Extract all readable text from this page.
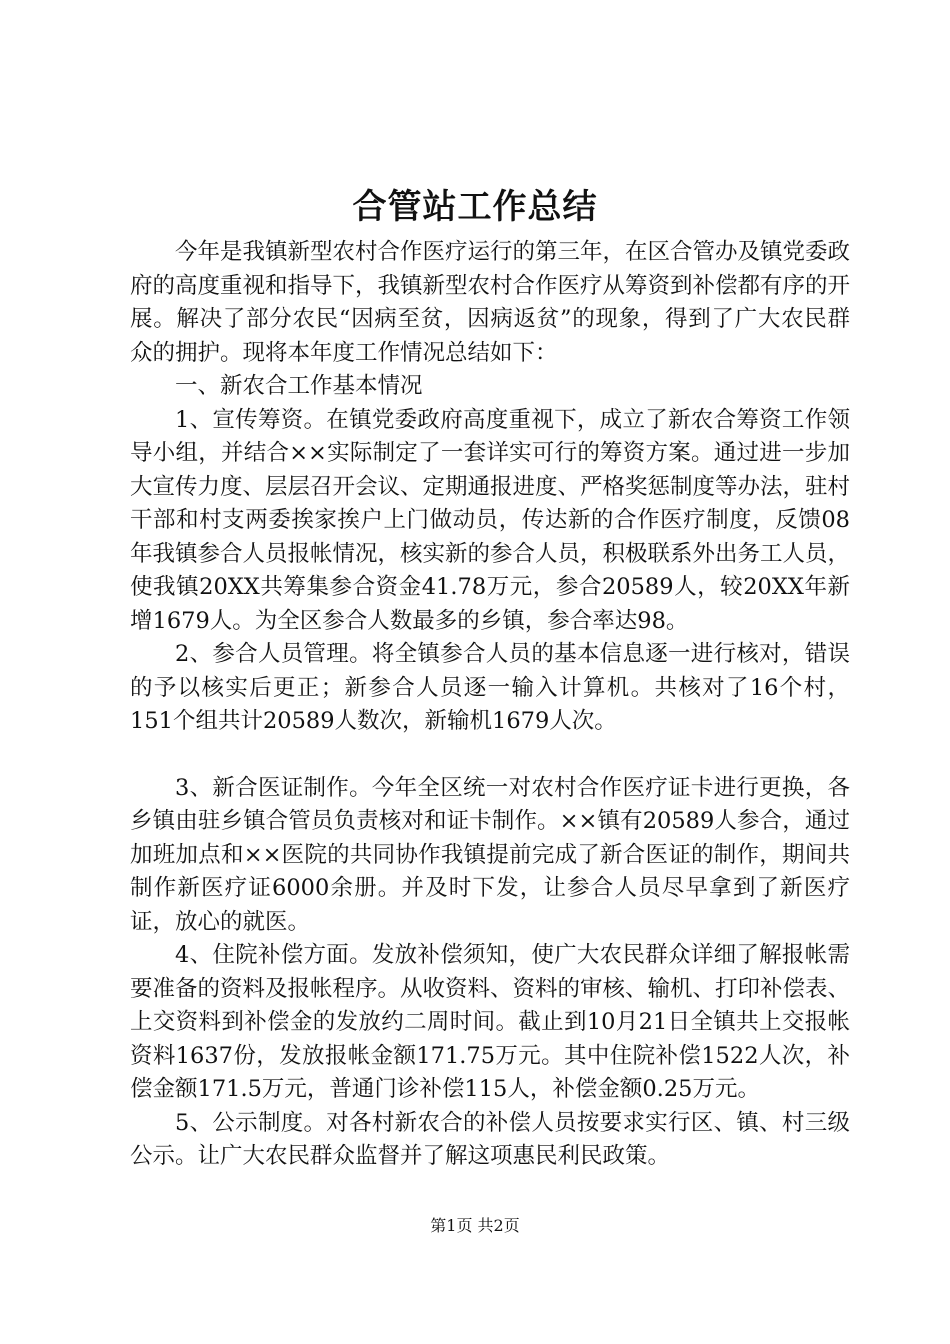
合管站工作总结

今年是我镇新型农村合作医疗运行的第三年，在区合管办及镇党委政府的高度重视和指导下，我镇新型农村合作医疗从筹资到补偿都有序的开展。解决了部分农民“因病至贫，因病返贫”的现象，得到了广大农民群众的拥护。现将本年度工作情况总结如下：

一、新农合工作基本情况

1、宣传筹资。在镇党委政府高度重视下，成立了新农合筹资工作领导小组，并结合××实际制定了一套详实可行的筹资方案。通过进一步加大宣传力度、层层召开会议、定期通报进度、严格奖惩制度等办法，驻村干部和村支两委挨家挨户上门做动员，传达新的合作医疗制度，反馈08年我镇参合人员报帐情况，核实新的参合人员，积极联系外出务工人员，使我镇20XX共筹集参合资金41.78万元，参合20589人，较20XX年新增1679人。为全区参合人数最多的乡镇，参合率达98。

2、参合人员管理。将全镇参合人员的基本信息逐一进行核对，错误的予以核实后更正；新参合人员逐一输入计算机。共核对了16个村，151个组共计20589人数次，新输机1679人次。

3、新合医证制作。今年全区统一对农村合作医疗证卡进行更换，各乡镇由驻乡镇合管员负责核对和证卡制作。××镇有20589人参合，通过加班加点和××医院的共同协作我镇提前完成了新合医证的制作，期间共制作新医疗证6000余册。并及时下发，让参合人员尽早拿到了新医疗证，放心的就医。

4、住院补偿方面。发放补偿须知，使广大农民群众详细了解报帐需要准备的资料及报帐程序。从收资料、资料的审核、输机、打印补偿表、上交资料到补偿金的发放约二周时间。截止到10月21日全镇共上交报帐资料1637份，发放报帐金额171.75万元。其中住院补偿1522人次，补偿金额171.5万元，普通门诊补偿115人，补偿金额0.25万元。

5、公示制度。对各村新农合的补偿人员按要求实行区、镇、村三级公示。让广大农民群众监督并了解这项惠民利民政策。

第1页 共2页
